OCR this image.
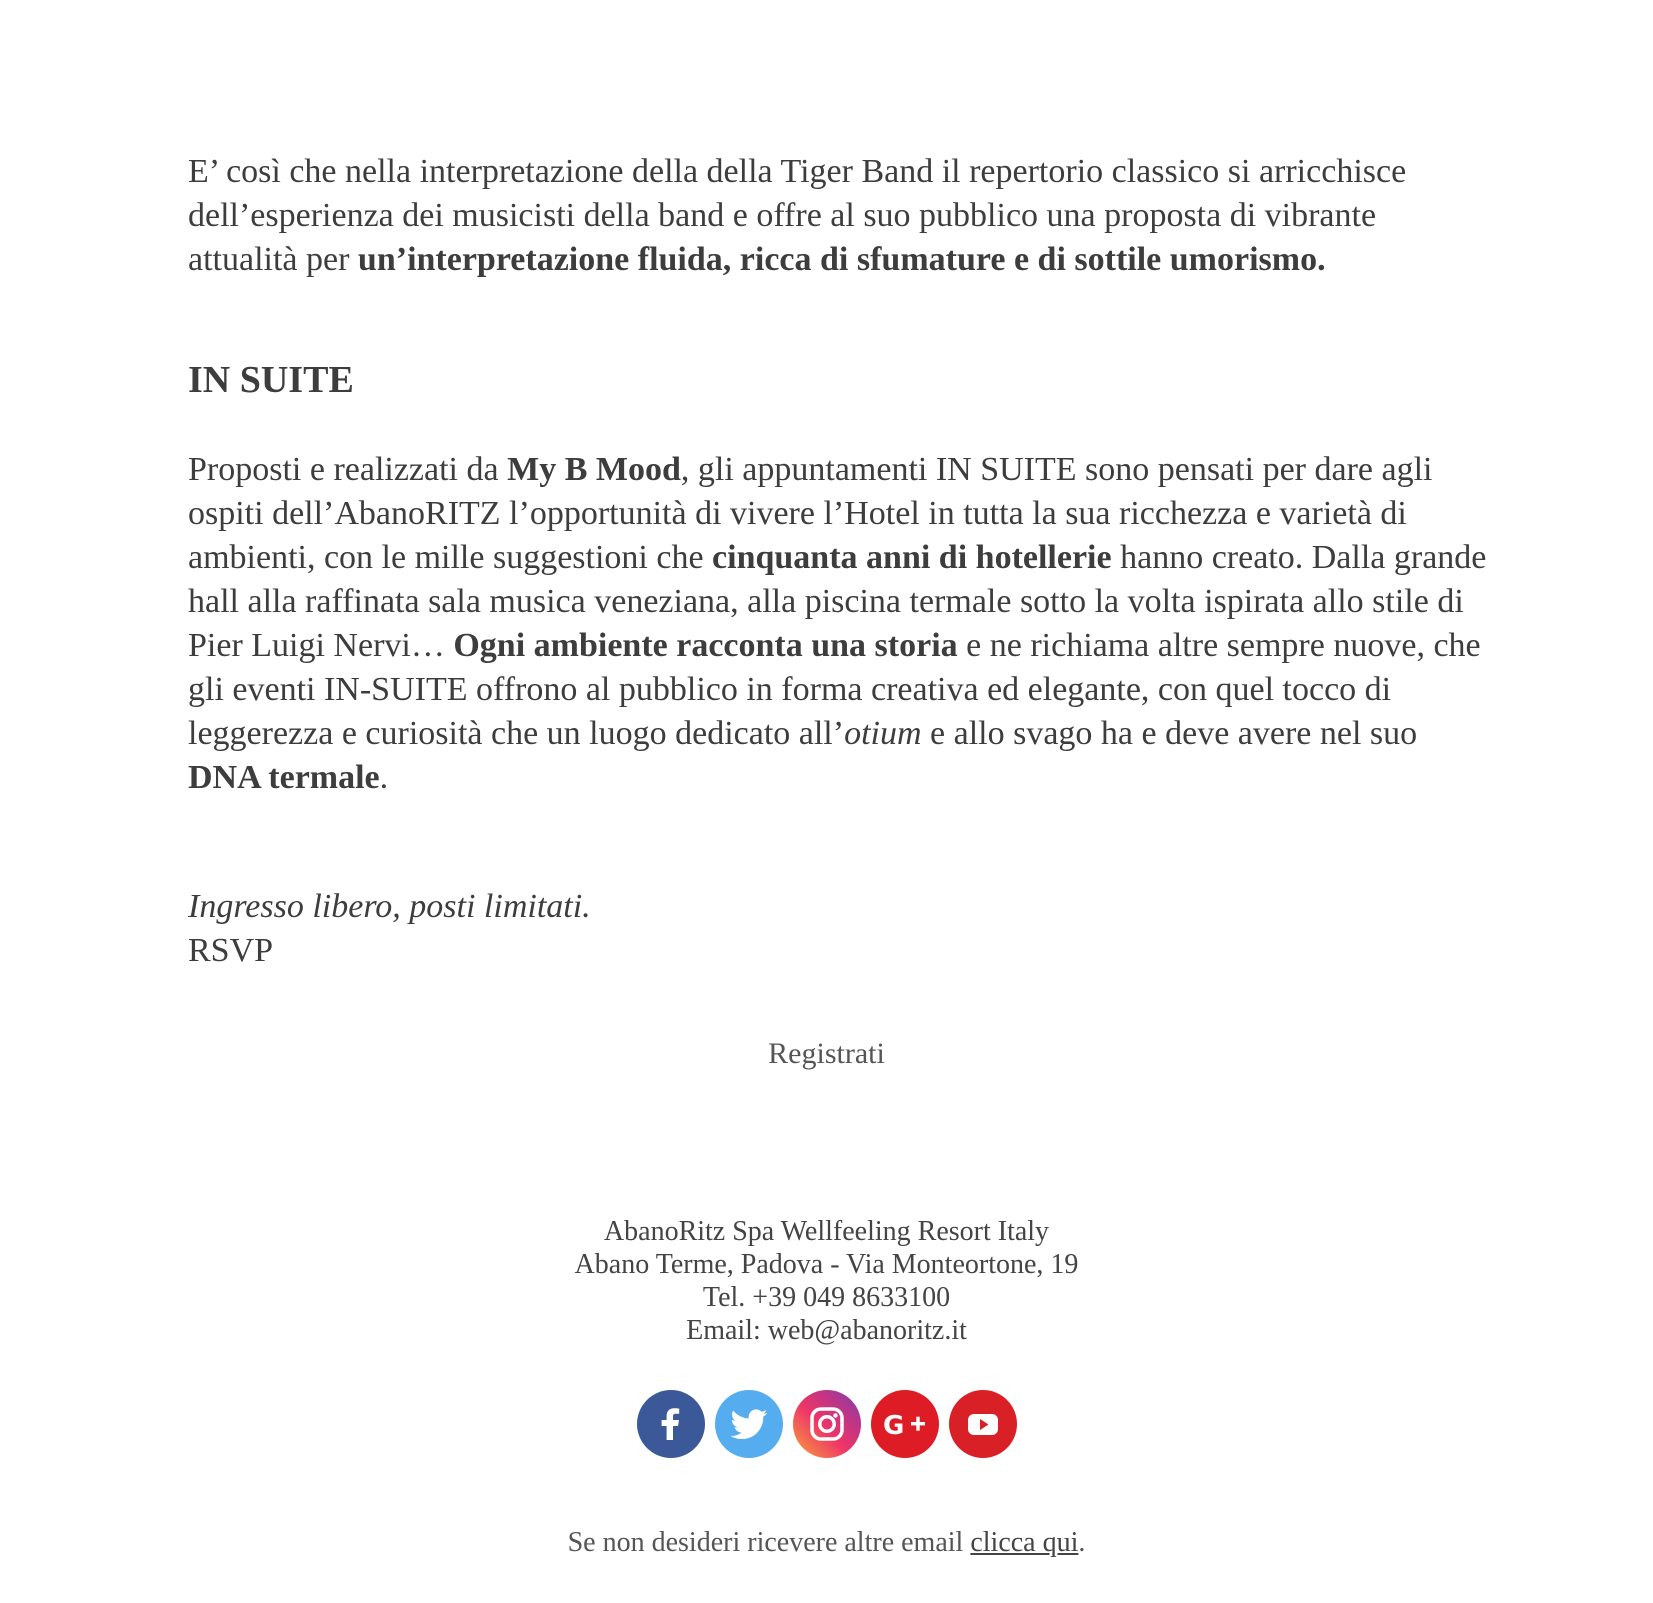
E’ così che nella interpretazione della della Tiger Band il repertorio classico si arricchisce dell’esperienza dei musicisti della band e offre al suo pubblico una proposta di vibrante attualità per un’interpretazione fluida, ricca di sfumature e di sottile umorismo.

IN SUITE

Proposti e realizzati da My B Mood, gli appuntamenti IN SUITE sono pensati per dare agli ospiti dell’AbanoRITZ l’opportunità di vivere l’Hotel in tutta la sua ricchezza e varietà di ambienti, con le mille suggestioni che cinquanta anni di hotellerie hanno creato. Dalla grande hall alla raffinata sala musica veneziana, alla piscina termale sotto la volta ispirata allo stile di Pier Luigi Nervi… Ogni ambiente racconta una storia e ne richiama altre sempre nuove, che gli eventi IN-SUITE offrono al pubblico in forma creativa ed elegante, con quel tocco di leggerezza e curiosità che un luogo dedicato all’otium e allo svago ha e deve avere nel suo DNA termale.

Ingresso libero, posti limitati.
RSVP

Registrati
AbanoRitz Spa Wellfeeling Resort Italy
Abano Terme, Padova - Via Monteortone, 19
Tel. +39 049 8633100
Email: web@abanoritz.it
G
Se non desideri ricevere altre email clicca qui.
